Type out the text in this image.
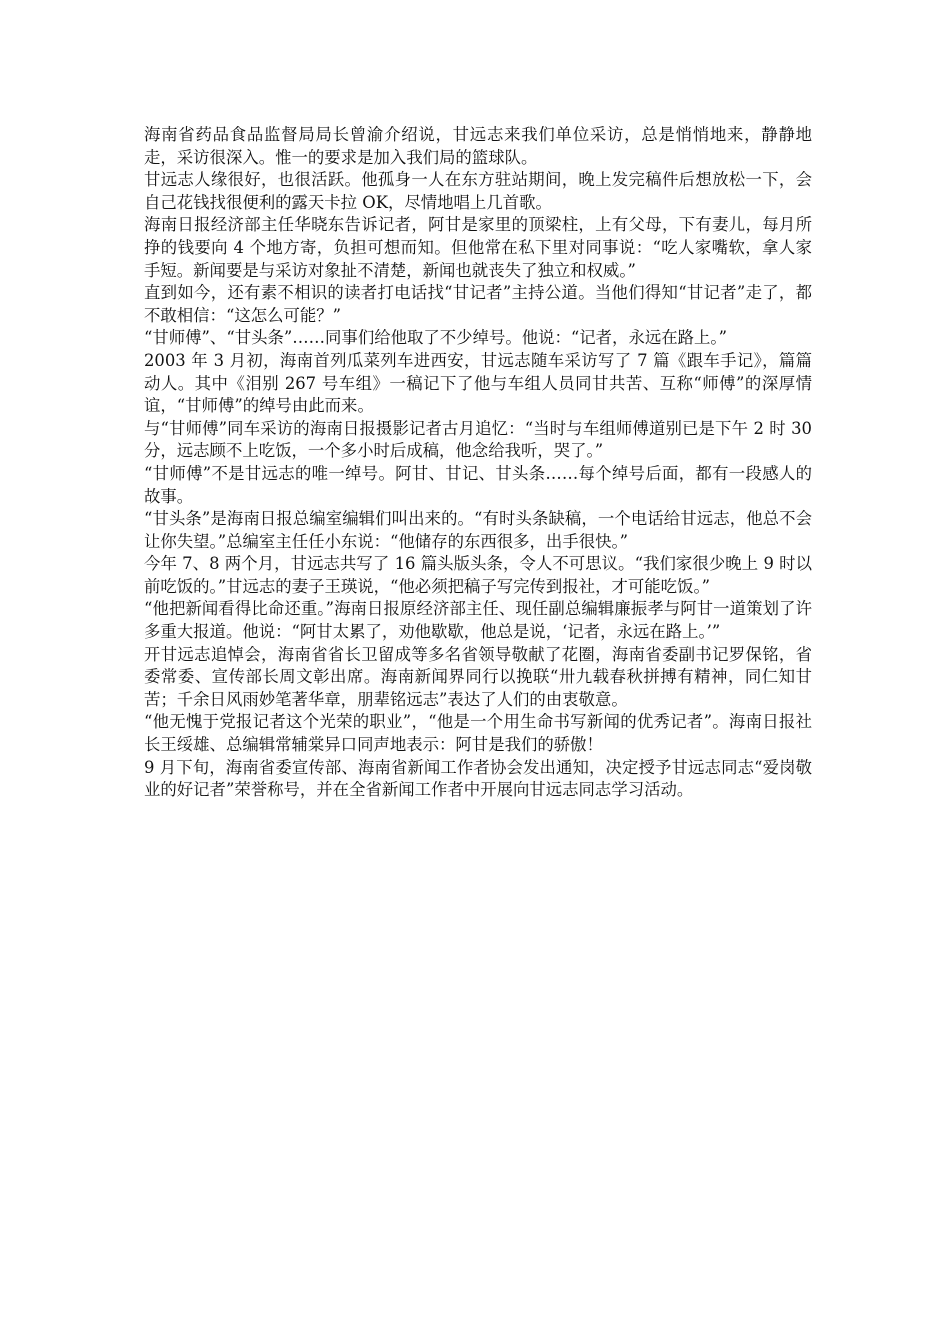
海南省药品食品监督局局长曾渝介绍说，甘远志来我们单位采访，总是悄悄地来，静静地走，采访很深入。惟一的要求是加入我们局的篮球队。

甘远志人缘很好，也很活跃。他孤身一人在东方驻站期间，晚上发完稿件后想放松一下，会自己花钱找很便利的露天卡拉 OK，尽情地唱上几首歌。

海南日报经济部主任华晓东告诉记者，阿甘是家里的顶梁柱，上有父母，下有妻儿，每月所挣的钱要向 4 个地方寄，负担可想而知。但他常在私下里对同事说：“吃人家嘴软，拿人家手短。新闻要是与采访对象扯不清楚，新闻也就丧失了独立和权威。”

直到如今，还有素不相识的读者打电话找“甘记者”主持公道。当他们得知“甘记者”走了，都不敢相信：“这怎么可能？”

“甘师傅”、“甘头条”……同事们给他取了不少绰号。他说：“记者，永远在路上。”

2003 年 3 月初，海南首列瓜菜列车进西安，甘远志随车采访写了 7 篇《跟车手记》，篇篇动人。其中《泪别 267 号车组》一稿记下了他与车组人员同甘共苦、互称“师傅”的深厚情谊，“甘师傅”的绰号由此而来。

与“甘师傅”同车采访的海南日报摄影记者古月追忆：“当时与车组师傅道别已是下午 2 时 30 分，远志顾不上吃饭，一个多小时后成稿，他念给我听，哭了。”

“甘师傅”不是甘远志的唯一绰号。阿甘、甘记、甘头条……每个绰号后面，都有一段感人的故事。

“甘头条”是海南日报总编室编辑们叫出来的。“有时头条缺稿，一个电话给甘远志，他总不会让你失望。”总编室主任任小东说：“他储存的东西很多，出手很快。”

今年 7、8 两个月，甘远志共写了 16 篇头版头条，令人不可思议。“我们家很少晚上 9 时以前吃饭的。”甘远志的妻子王瑛说，“他必须把稿子写完传到报社，才可能吃饭。”

“他把新闻看得比命还重。”海南日报原经济部主任、现任副总编辑廉振孝与阿甘一道策划了许多重大报道。他说：“阿甘太累了，劝他歇歇，他总是说，‘记者，永远在路上。’”

开甘远志追悼会，海南省省长卫留成等多名省领导敬献了花圈，海南省委副书记罗保铭，省委常委、宣传部长周文彰出席。海南新闻界同行以挽联“卅九载春秋拼搏有精神，同仁知甘苦；千余日风雨妙笔著华章，朋辈铭远志”表达了人们的由衷敬意。

“他无愧于党报记者这个光荣的职业”，“他是一个用生命书写新闻的优秀记者”。海南日报社长王绥雄、总编辑常辅棠异口同声地表示：阿甘是我们的骄傲！

9 月下旬，海南省委宣传部、海南省新闻工作者协会发出通知，决定授予甘远志同志“爱岗敬业的好记者”荣誉称号，并在全省新闻工作者中开展向甘远志同志学习活动。
